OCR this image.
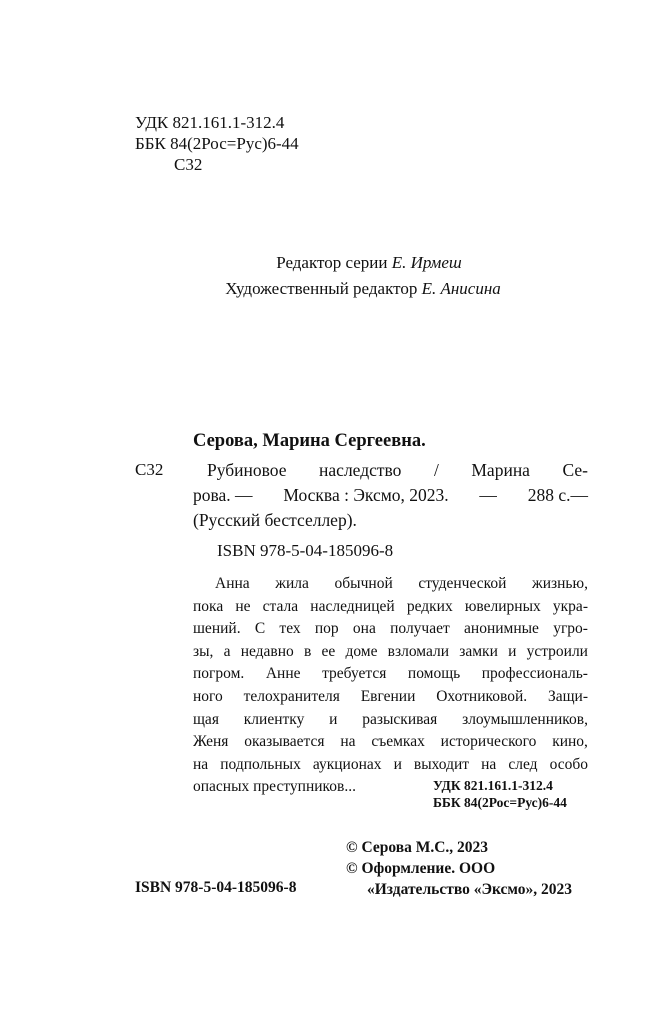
УДК 821.161.1-312.4
ББК 84(2Рос=Рус)6-44
С32
Редактор серии Е. Ирмеш
Художественный редактор Е. Анисина
Серова, Марина Сергеевна.
С32 Рубиновое наследство / Марина Се-
рова. — Москва : Эксмо, 2023. — 288 с.—
(Русский бестселлер).
ISBN 978-5-04-185096-8
Анна жила обычной студенческой жизнью,
пока не стала наследницей редких ювелирных укра-
шений. С тех пор она получает анонимные угро-
зы, а недавно в ее доме взломали замки и устроили
погром. Анне требуется помощь профессиональ-
ного телохранителя Евгении Охотниковой. Защи-
щая клиентку и разыскивая злоумышленников,
Женя оказывается на съемках исторического кино,
на подпольных аукционах и выходит на след особо
опасных преступников...	УДК 821.161.1-312.4
ББК 84(2Рос=Рус)6-44
© Серова М.С., 2023
© Оформление. ООО
«Издательство «Эксмо», 2023
ISBN 978-5-04-185096-8
